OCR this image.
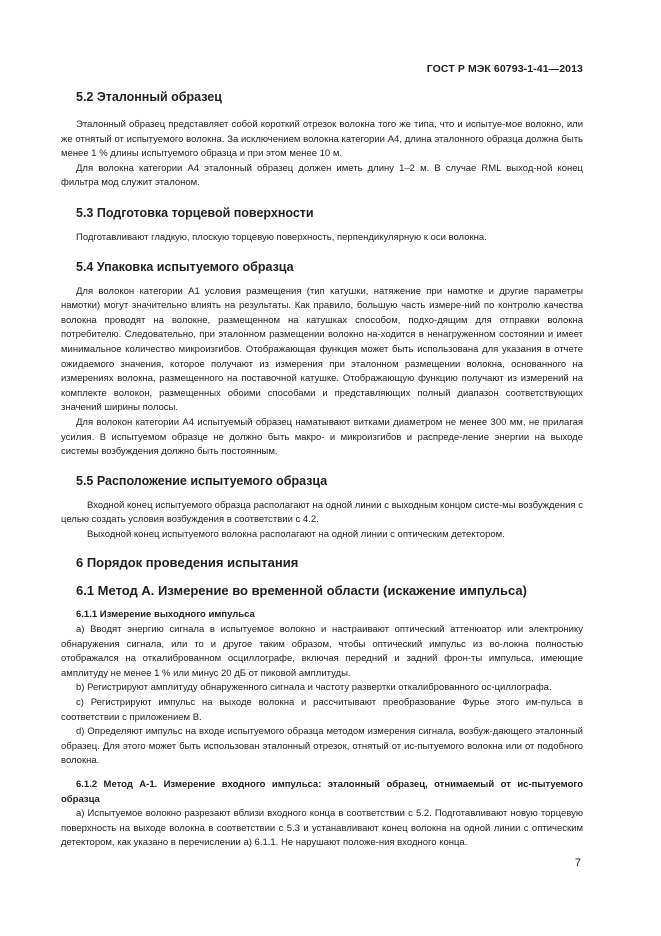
ГОСТ Р МЭК 60793-1-41—2013
5.2 Эталонный образец

Эталонный образец представляет собой короткий отрезок волокна того же типа, что и испытуе-мое волокно, или же отнятый от испытуемого волокна. За исключением волокна категории А4, длина эталонного образца должна быть менее 1 % длины испытуемого образца и при этом менее 10 м.

Для волокна категории А4 эталонный образец должен иметь длину 1–2 м. В случае RML выход-ной конец фильтра мод служит эталоном.

5.3 Подготовка торцевой поверхности

Подготавливают гладкую, плоскую торцевую поверхность, перпендикулярную к оси волокна.

5.4 Упаковка испытуемого образца

Для волокон категории А1 условия размещения (тип катушки, натяжение при намотке и другие параметры намотки) могут значительно влиять на результаты. Как правило, большую часть измере-ний по контролю качества волокна проводят на волокне, размещенном на катушках способом, подхо-дящим для отправки волокна потребителю. Следовательно, при эталонном размещении волокно на-ходится в ненагруженном состоянии и имеет минимальное количество микроизгибов. Отображающая функция может быть использована для указания в отчете ожидаемого значения, которое получают из измерения при эталонном размещении волокна, основанного на измерениях волокна, размещенного на поставочной катушке. Отображающую функцию получают из измерений на комплекте волокон, размещенных обоими способами и представляющих полный диапазон соответствующих значений ширины полосы.

Для волокон категории А4 испытуемый образец наматывают витками диаметром не менее 300 мм, не прилагая усилия. В испытуемом образце не должно быть макро- и микроизгибов и распреде-ление энергии на выходе системы возбуждения должно быть постоянным.

5.5 Расположение испытуемого образца

Входной конец испытуемого образца располагают на одной линии с выходным концом систе-мы возбуждения с целью создать условия возбуждения в соответствии с 4.2.

Выходной конец испытуемого волокна располагают на одной линии с оптическим детектором.

6 Порядок проведения испытания
6.1 Метод А. Измерение во временной области (искажение импульса)
6.1.1 Измерение выходного импульса

а) Вводят энергию сигнала в испытуемое волокно и настраивают оптический аттенюатор или электронику обнаружения сигнала, или то и другое таким образом, чтобы оптический импульс из во-локна полностью отображался на откалиброванном осциллографе, включая передний и задний фрон-ты импульса, имеющие амплитуду не менее 1 % или минус 20 дБ от пиковой амплитуды.

b) Регистрируют амплитуду обнаруженного сигнала и частоту развертки откалиброванного ос-циллографа.

с) Регистрируют импульс на выходе волокна и рассчитывают преобразование Фурье этого им-пульса в соответствии с приложением В.

d) Определяют импульс на входе испытуемого образца методом измерения сигнала, возбуж-дающего эталонный образец. Для этого может быть использован эталонный отрезок, отнятый от ис-пытуемого волокна или от подобного волокна.

6.1.2 Метод А-1. Измерение входного импульса: эталонный образец, отнимаемый от ис-пытуемого образца

а) Испытуемое волокно разрезают вблизи входного конца в соответствии с 5.2. Подготавливают новую торцевую поверхность на выходе волокна в соответствии с 5.3 и устанавливают конец волокна на одной линии с оптическим детектором, как указано в перечислении а) 6.1.1. Не нарушают положе-ния входного конца.

7
